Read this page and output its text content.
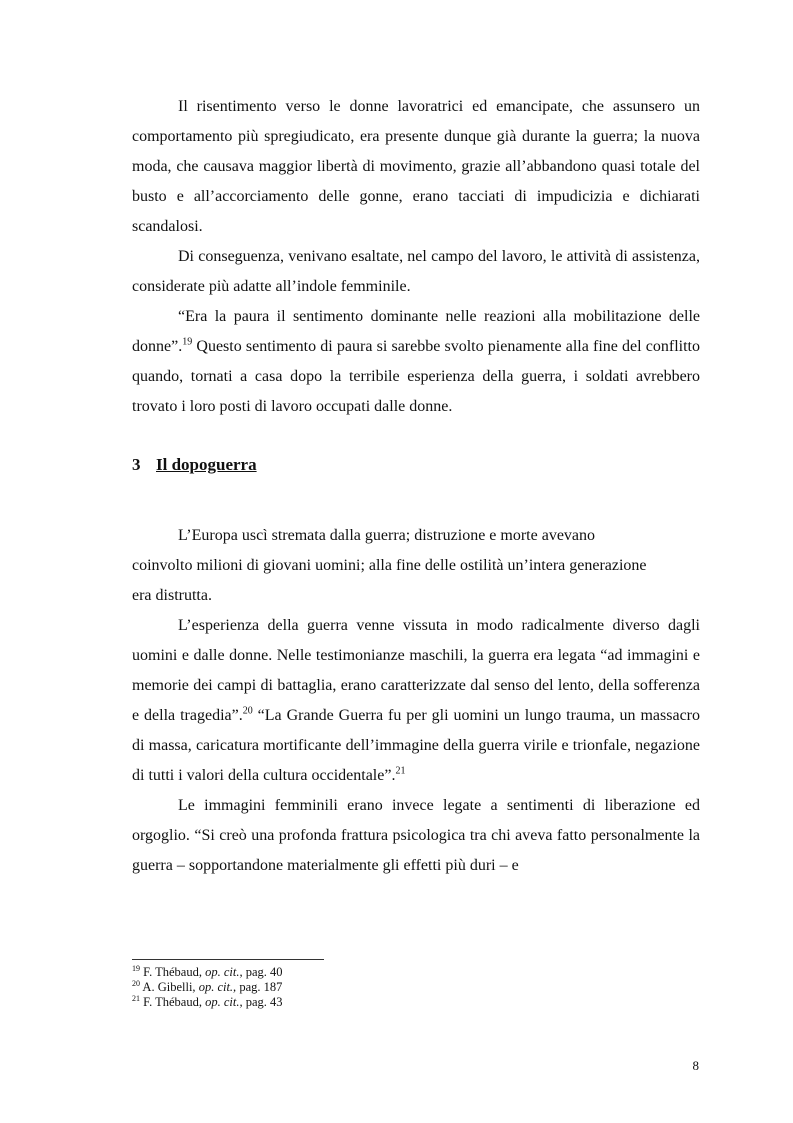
Il risentimento verso le donne lavoratrici ed emancipate, che assunsero un comportamento più spregiudicato, era presente dunque già durante la guerra; la nuova moda, che causava maggior libertà di movimento, grazie all’abbandono quasi totale del busto e all’accorciamento delle gonne, erano tacciati di impudicizia e dichiarati scandalosi.

Di conseguenza, venivano esaltate, nel campo del lavoro, le attività di assistenza, considerate più adatte all’indole femminile.

“Era la paura il sentimento dominante nelle reazioni alla mobilitazione delle donne”.$^{19}$ Questo sentimento di paura si sarebbe svolto pienamente alla fine del conflitto quando, tornati a casa dopo la terribile esperienza della guerra, i soldati avrebbero trovato i loro posti di lavoro occupati dalle donne.

3 Il dopoguerra

L’Europa uscì stremata dalla guerra; distruzione e morte avevano
coinvolto milioni di giovani uomini; alla fine delle ostilità un’intera generazione
era distrutta.

L’esperienza della guerra venne vissuta in modo radicalmente diverso dagli uomini e dalle donne. Nelle testimonianze maschili, la guerra era legata “ad immagini e memorie dei campi di battaglia, erano caratterizzate dal senso del lento, della sofferenza e della tragedia”.$^{20}$ “La Grande Guerra fu per gli uomini un lungo trauma, un massacro di massa, caricatura mortificante dell’immagine della guerra virile e trionfale, negazione di tutti i valori della cultura occidentale”.$^{21}$

Le immagini femminili erano invece legate a sentimenti di liberazione ed orgoglio. “Si creò una profonda frattura psicologica tra chi aveva fatto personalmente la guerra – sopportandone materialmente gli effetti più duri – e

$^{19}$ F. Thébaud, op. cit., pag. 40
$^{20}$ A. Gibelli, op. cit., pag. 187
$^{21}$ F. Thébaud, op. cit., pag. 43
8
